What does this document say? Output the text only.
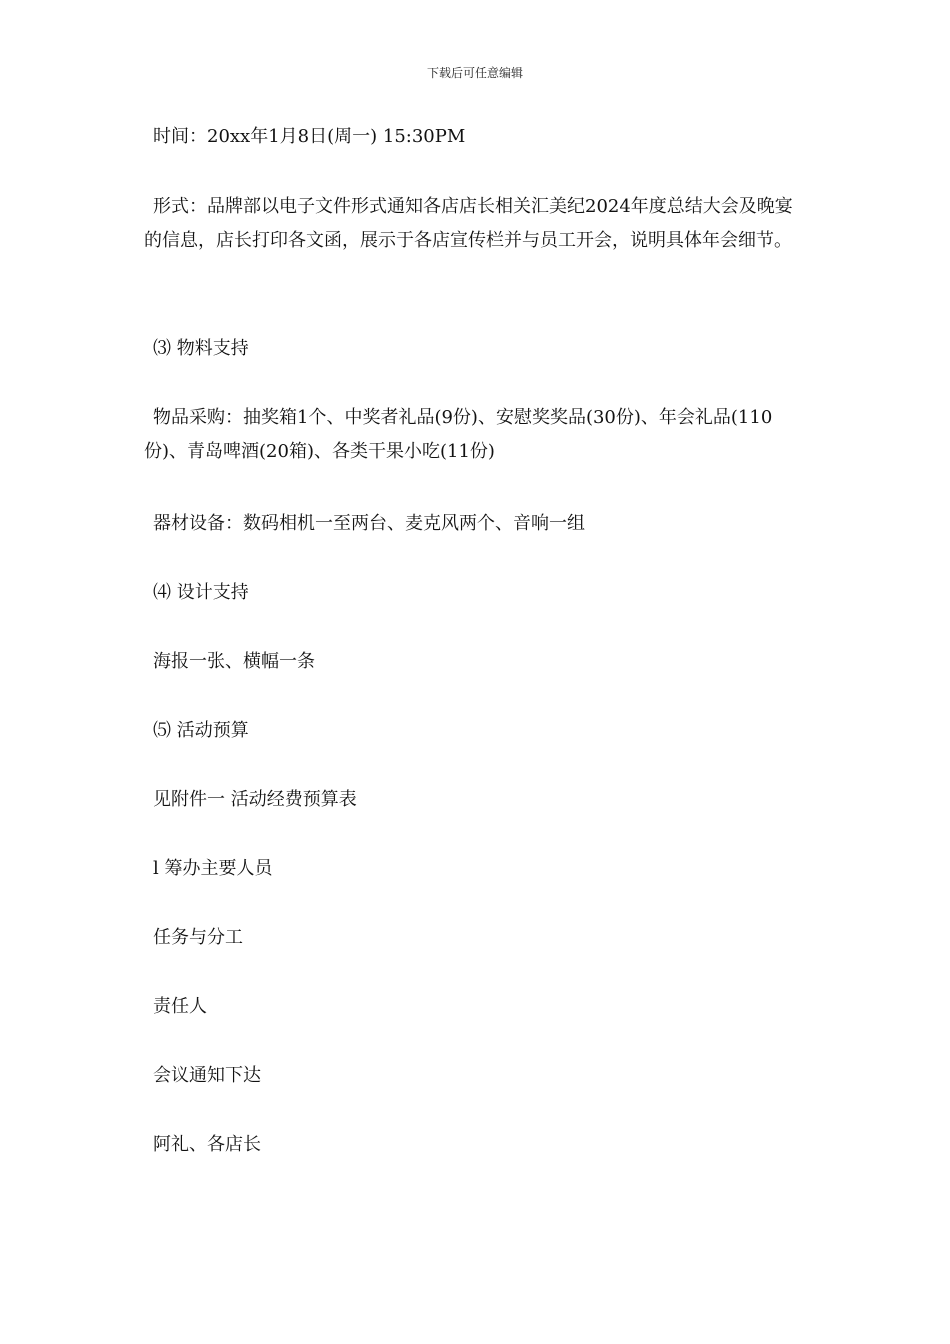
下载后可任意编辑

时间：20xx年1月8日(周一) 15:30PM

形式：品牌部以电子文件形式通知各店店长相关汇美纪2024年度总结大会及晚宴的信息，店长打印各文函，展示于各店宣传栏并与员工开会，说明具体年会细节。

⑶ 物料支持

物品采购：抽奖箱1个、中奖者礼品(9份)、安慰奖奖品(30份)、年会礼品(110份)、青岛啤酒(20箱)、各类干果小吃(11份)

器材设备：数码相机一至两台、麦克风两个、音响一组

⑷ 设计支持

海报一张、横幅一条

⑸ 活动预算

见附件一 活动经费预算表

l 筹办主要人员

任务与分工

责任人

会议通知下达

阿礼、各店长
